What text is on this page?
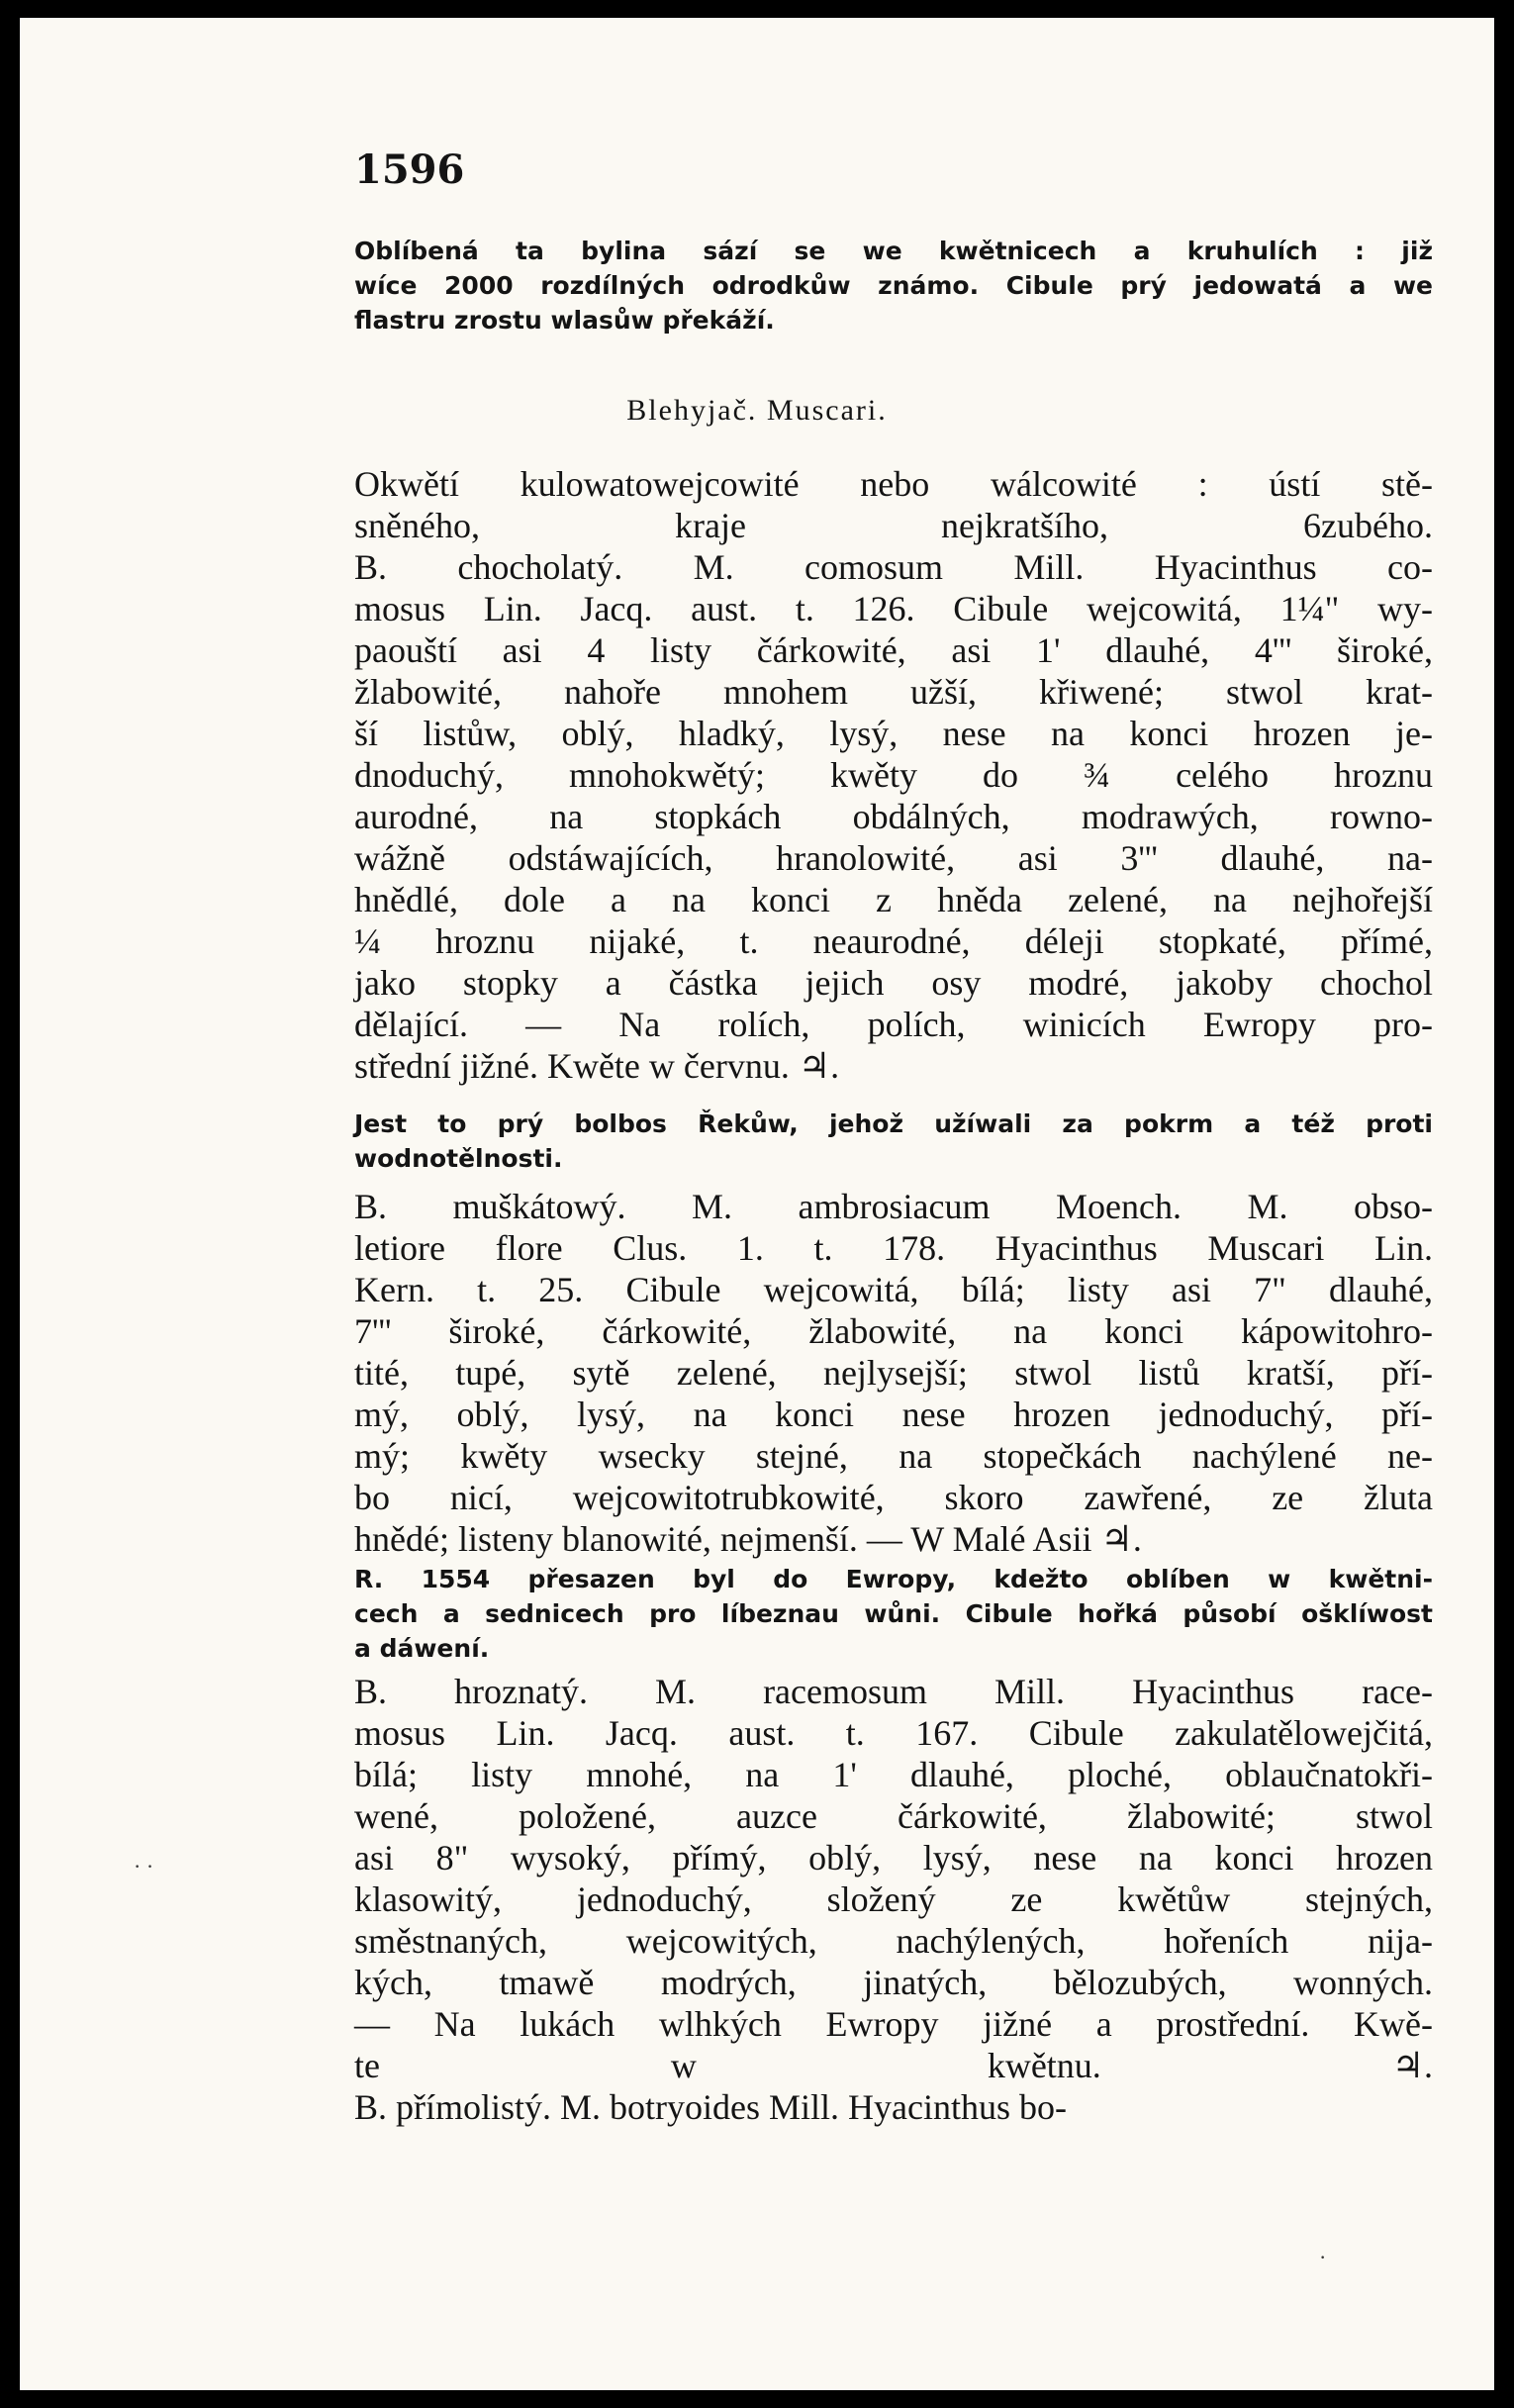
1596
Oblíbená ta bylina sází se we kwětnicech a kruhulích : již
wíce 2000 rozdílných odrodkůw známo. Cibule prý jedowatá a we
flastru zrostu wlasůw překáží.
Blehyjač. Muscari.
Okwětí kulowatowejcowité nebo wálcowité : ústí stě-
sněného, kraje nejkratšího, 6zubého.
B. chocholatý. M. comosum Mill. Hyacinthus co-
mosus Lin. Jacq. aust. t. 126. Cibule wejcowitá, 1¼" wy-
paouští asi 4 listy čárkowité, asi 1' dlauhé, 4''' široké,
žlabowité, nahoře mnohem užší, křiwené; stwol krat-
ší listůw, oblý, hladký, lysý, nese na konci hrozen je-
dnoduchý, mnohokwětý; kwěty do ¾ celého hroznu
aurodné, na stopkách obdálných, modrawých, rowno-
wážně odstáwajících, hranolowité, asi 3''' dlauhé, na-
hnědlé, dole a na konci z hněda zelené, na nejhořejší
¼ hroznu nijaké, t. neaurodné, déleji stopkaté, přímé,
jako stopky a částka jejich osy modré, jakoby chochol
dělající. — Na rolích, polích, winicích Ewropy pro-
střední jižné. Kwěte w červnu. ♃.
Jest to prý bolbos Řekůw, jehož užíwali za pokrm a též proti
wodnotělnosti.
B. muškátowý. M. ambrosiacum Moench. M. obso-
letiore flore Clus. 1. t. 178. Hyacinthus Muscari Lin.
Kern. t. 25. Cibule wejcowitá, bílá; listy asi 7" dlauhé,
7''' široké, čárkowité, žlabowité, na konci kápowitohro-
tité, tupé, sytě zelené, nejlysejší; stwol listů kratší, pří-
mý, oblý, lysý, na konci nese hrozen jednoduchý, pří-
mý; kwěty wsecky stejné, na stopečkách nachýlené ne-
bo nicí, wejcowitotrubkowité, skoro zawřené, ze žluta
hnědé; listeny blanowité, nejmenší. — W Malé Asii ♃.
R. 1554 přesazen byl do Ewropy, kdežto oblíben w kwětni-
cech a sednicech pro líbeznau wůni. Cibule hořká působí ošklíwost
a dáwení.
B. hroznatý. M. racemosum Mill. Hyacinthus race-
mosus Lin. Jacq. aust. t. 167. Cibule zakulatělowejčitá,
bílá; listy mnohé, na 1' dlauhé, ploché, oblaučnatokři-
wené, položené, auzce čárkowité, žlabowité; stwol
asi 8" wysoký, přímý, oblý, lysý, nese na konci hrozen
klasowitý, jednoduchý, složený ze kwětůw stejných,
směstnaných, wejcowitých, nachýlených, hořeních nija-
kých, tmawě modrých, jinatých, bělozubých, wonných.
— Na lukách wlhkých Ewropy jižné a prostřední. Kwě-
te w kwětnu. ♃.
B. přímolistý. M. botryoides Mill. Hyacinthus bo-
· ·
·
